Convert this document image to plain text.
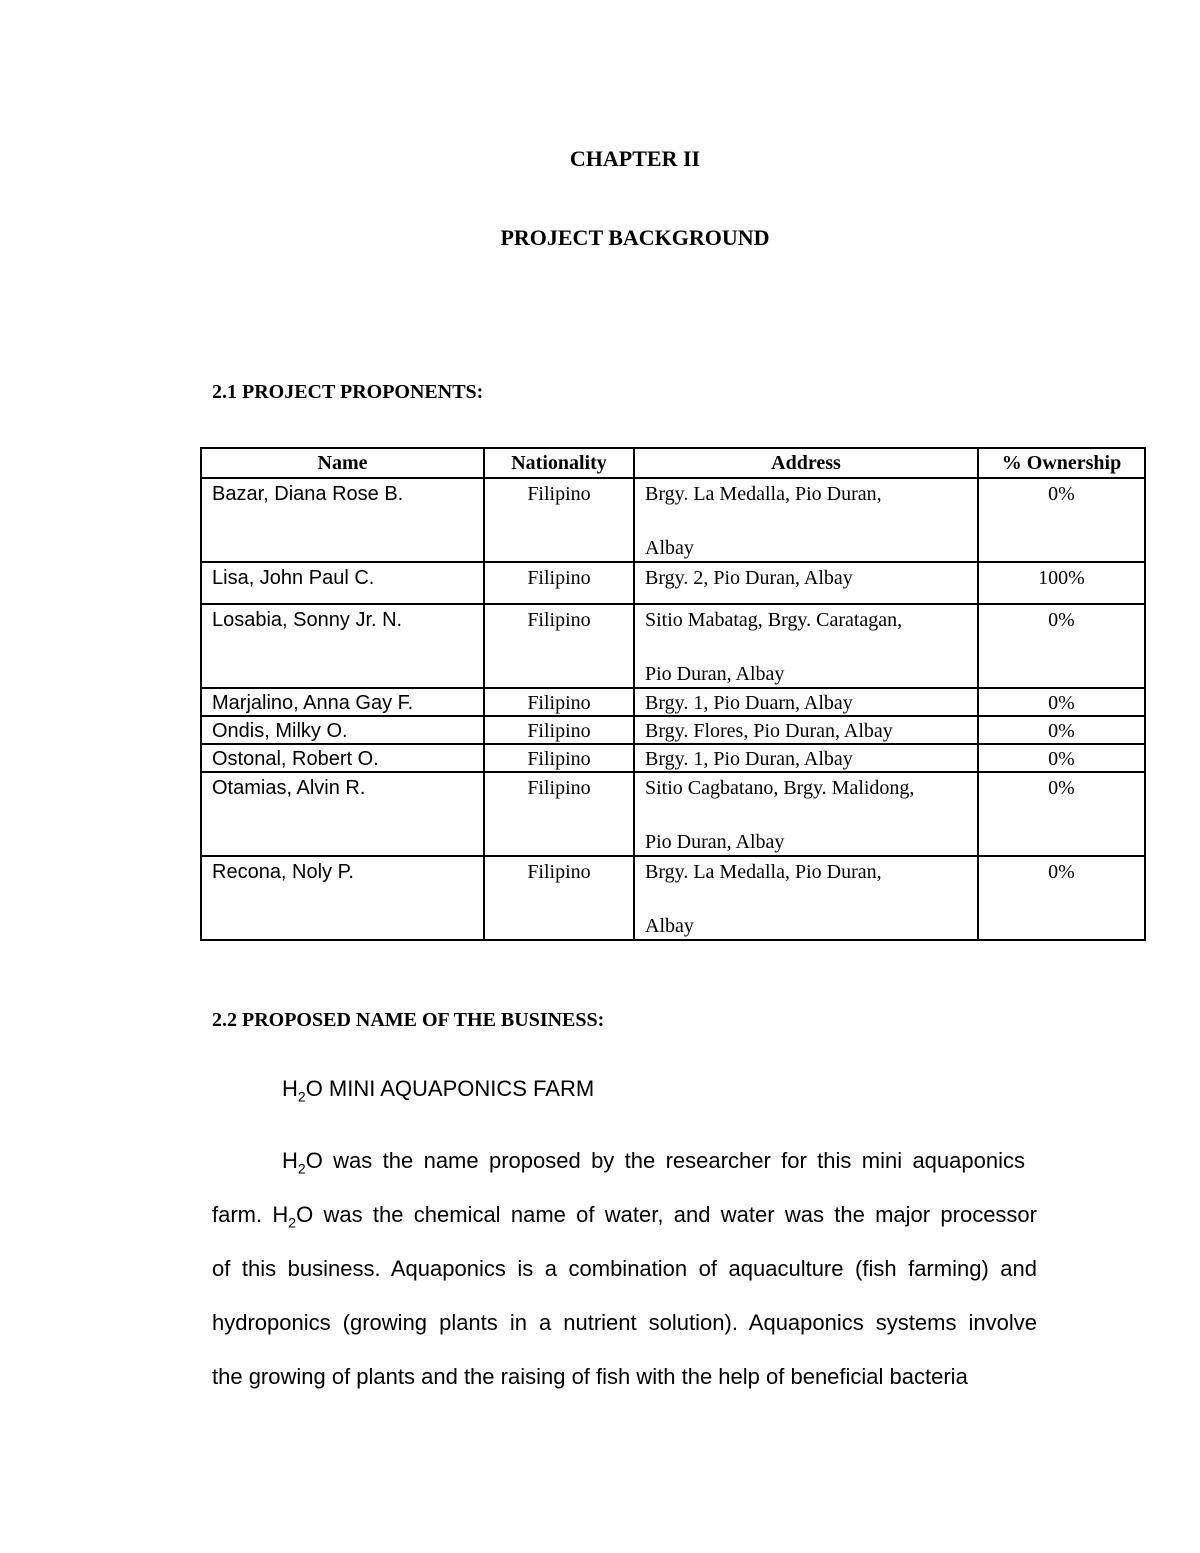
CHAPTER II
PROJECT BACKGROUND
2.1 PROJECT PROPONENTS:
Name	Nationality	Address	% Ownership

Bazar, Diana Rose B.	Filipino	Brgy. La Medalla, Pio Duran,
Albay	0%

Lisa, John Paul C.	Filipino	Brgy. 2, Pio Duran, Albay	100%

Losabia, Sonny Jr. N.	Filipino	Sitio Mabatag, Brgy. Caratagan,
Pio Duran, Albay	0%

Marjalino, Anna Gay F.	Filipino	Brgy. 1, Pio Duarn, Albay	0%

Ondis, Milky O.	Filipino	Brgy. Flores, Pio Duran, Albay	0%

Ostonal, Robert O.	Filipino	Brgy. 1, Pio Duran, Albay	0%

Otamias, Alvin R.	Filipino	Sitio Cagbatano, Brgy. Malidong,
Pio Duran, Albay	0%

Recona, Noly P.	Filipino	Brgy. La Medalla, Pio Duran,
Albay	0%
2.2 PROPOSED NAME OF THE BUSINESS:
$H_2O$ MINI AQUAPONICS FARM
$H_2O$ was the name proposed by the researcher for this mini aquaponics
farm. $H_2O$ was the chemical name of water, and water was the major processor
of this business. Aquaponics is a combination of aquaculture (fish farming) and
hydroponics (growing plants in a nutrient solution). Aquaponics systems involve
the growing of plants and the raising of fish with the help of beneficial bacteria
